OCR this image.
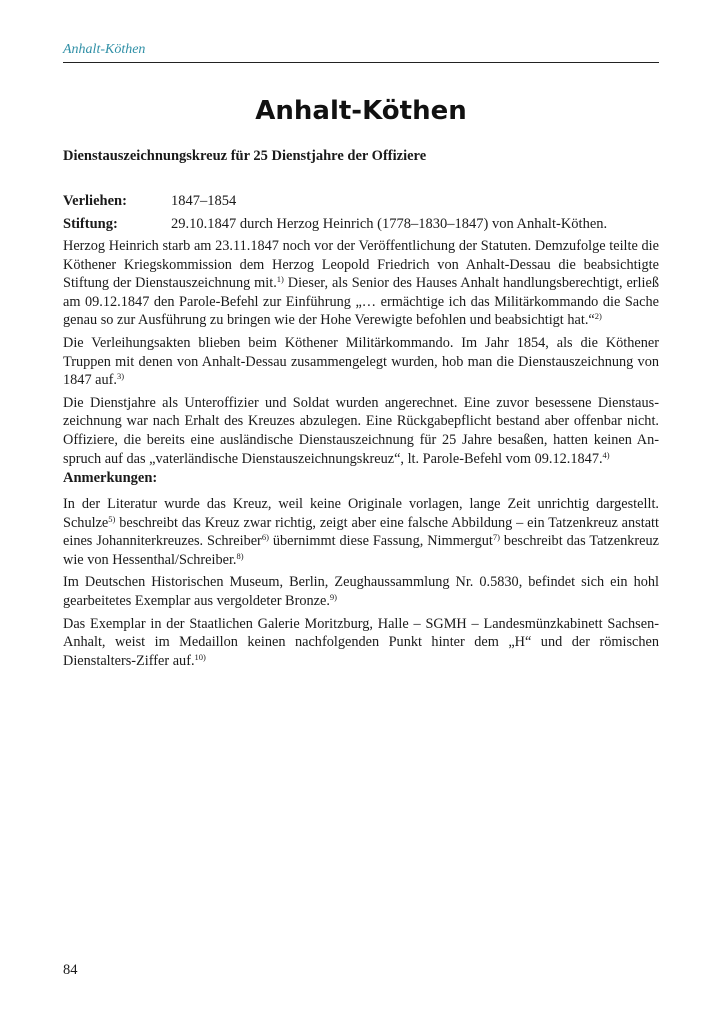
Anhalt-Köthen
Anhalt-Köthen

Dienstauszeichnungskreuz für 25 Dienstjahre der Offiziere

Verliehen:	1847–1854
Stiftung:	29.10.1847 durch Herzog Heinrich (1778–1830–1847) von Anhalt-Köthen.

Herzog Heinrich starb am 23.11.1847 noch vor der Veröffentlichung der Statuten. Demzufolge teilte die Köthener Kriegskommission dem Herzog Leopold Friedrich von Anhalt-Dessau die beabsichtigte Stiftung der Dienstauszeichnung mit.$^{1)}$ Dieser, als Senior des Hauses Anhalt handlungsberechtigt, erließ am 09.12.1847 den Parole-Befehl zur Einführung „… ermächtige ich das Militärkommando die Sache genau so zur Ausführung zu bringen wie der Hohe Verewigte befohlen und beabsichtigt hat.“$^{2)}$

Die Verleihungsakten blieben beim Köthener Militärkommando. Im Jahr 1854, als die Köthener Truppen mit denen von Anhalt-Dessau zusammengelegt wurden, hob man die Dienstauszeichnung von 1847 auf.$^{3)}$

Die Dienstjahre als Unteroffizier und Soldat wurden angerechnet. Eine zuvor besessene Dienstauszeichnung war nach Erhalt des Kreuzes abzulegen. Eine Rückgabepflicht bestand aber offenbar nicht. Offiziere, die bereits eine ausländische Dienstauszeichnung für 25 Jahre besaßen, hatten keinen Anspruch auf das „vaterländische Dienstauszeichnungskreuz“, lt. Parole-Befehl vom 09.12.1847.$^{4)}$

Anmerkungen:

In der Literatur wurde das Kreuz, weil keine Originale vorlagen, lange Zeit unrichtig dargestellt. Schulze$^{5)}$ beschreibt das Kreuz zwar richtig, zeigt aber eine falsche Abbildung – ein Tatzenkreuz anstatt eines Johanniterkreuzes. Schreiber$^{6)}$ übernimmt diese Fassung, Nimmergut$^{7)}$ beschreibt das Tatzenkreuz wie von Hessenthal/Schreiber.$^{8)}$

Im Deutschen Historischen Museum, Berlin, Zeughaussammlung Nr. 0.5830, befindet sich ein hohl gearbeitetes Exemplar aus vergoldeter Bronze.$^{9)}$

Das Exemplar in der Staatlichen Galerie Moritzburg, Halle – SGMH – Landesmünzkabinett Sachsen-Anhalt, weist im Medaillon keinen nachfolgenden Punkt hinter dem „H“ und der römischen Dienstalters-Ziffer auf.$^{10)}$

84
